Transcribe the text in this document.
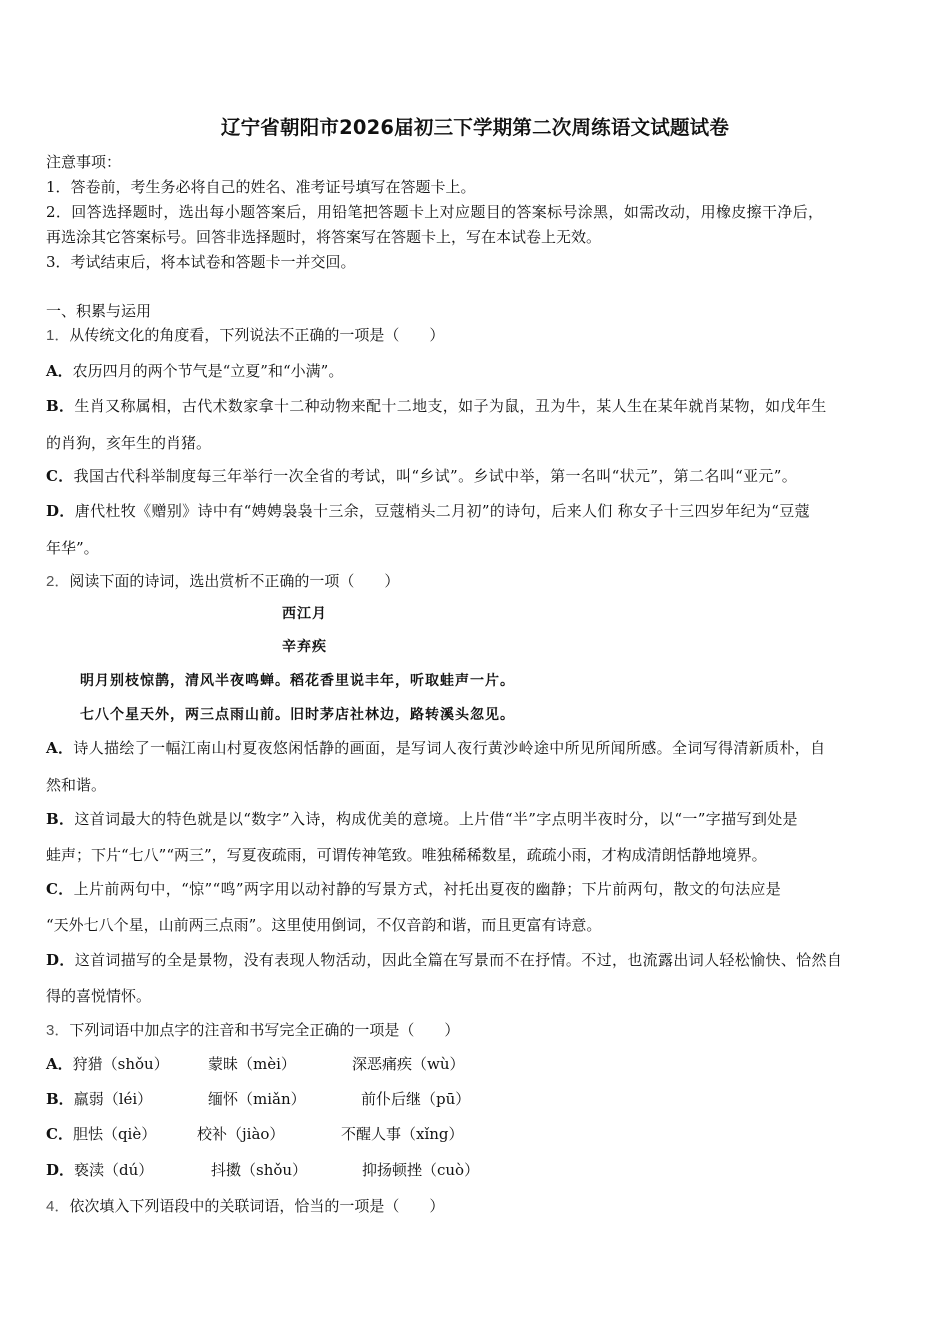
辽宁省朝阳市2026届初三下学期第二次周练语文试题试卷
注意事项：
1．答卷前，考生务必将自己的姓名、准考证号填写在答题卡上。
2．回答选择题时，选出每小题答案后，用铅笔把答题卡上对应题目的答案标号涂黑，如需改动，用橡皮擦干净后，
再选涂其它答案标号。回答非选择题时，将答案写在答题卡上，写在本试卷上无效。
3．考试结束后，将本试卷和答题卡一并交回。
一、积累与运用
1．从传统文化的角度看，下列说法不正确的一项是（　　）
A．农历四月的两个节气是“立夏”和“小满”。
B．生肖又称属相，古代术数家拿十二种动物来配十二地支，如子为鼠，丑为牛，某人生在某年就肖某物，如戊年生
的肖狗，亥年生的肖猪。
C．我国古代科举制度每三年举行一次全省的考试，叫“乡试”。乡试中举，第一名叫“状元”，第二名叫“亚元”。
D．唐代杜牧《赠别》诗中有“娉娉袅袅十三余，豆蔻梢头二月初”的诗句，后来人们 称女子十三四岁年纪为“豆蔻
年华”。
2．阅读下面的诗词，选出赏析不正确的一项（　　）
西江月
辛弃疾
明月别枝惊鹊，清风半夜鸣蝉。稻花香里说丰年，听取蛙声一片。
七八个星天外，两三点雨山前。旧时茅店社林边，路转溪头忽见。
A．诗人描绘了一幅江南山村夏夜悠闲恬静的画面，是写词人夜行黄沙岭途中所见所闻所感。全词写得清新质朴，自
然和谐。
B．这首词最大的特色就是以“数字”入诗，构成优美的意境。上片借“半”字点明半夜时分，以“一”字描写到处是
蛙声；下片“七八”“两三”，写夏夜疏雨，可谓传神笔致。唯独稀稀数星，疏疏小雨，才构成清朗恬静地境界。
C．上片前两句中，“惊”“鸣”两字用以动衬静的写景方式，衬托出夏夜的幽静；下片前两句，散文的句法应是
“天外七八个星，山前两三点雨”。这里使用倒词，不仅音韵和谐，而且更富有诗意。
D．这首词描写的全是景物，没有表现人物活动，因此全篇在写景而不在抒情。不过，也流露出词人轻松愉快、恰然自
得的喜悦情怀。
3．下列词语中加点字的注音和书写完全正确的一项是（　　）
A．狩猎（shǒu）	蒙昧（mèi）	深恶痛疾（wù）
B．羸弱（léi）	缅怀（miǎn）	前仆后继（pū）
C．胆怯（qiè）	校补（jiào）	不醒人事（xǐng）
D．亵渎（dú）	抖擞（shǒu）	抑扬顿挫（cuò）
4．依次填入下列语段中的关联词语，恰当的一项是（　　）
